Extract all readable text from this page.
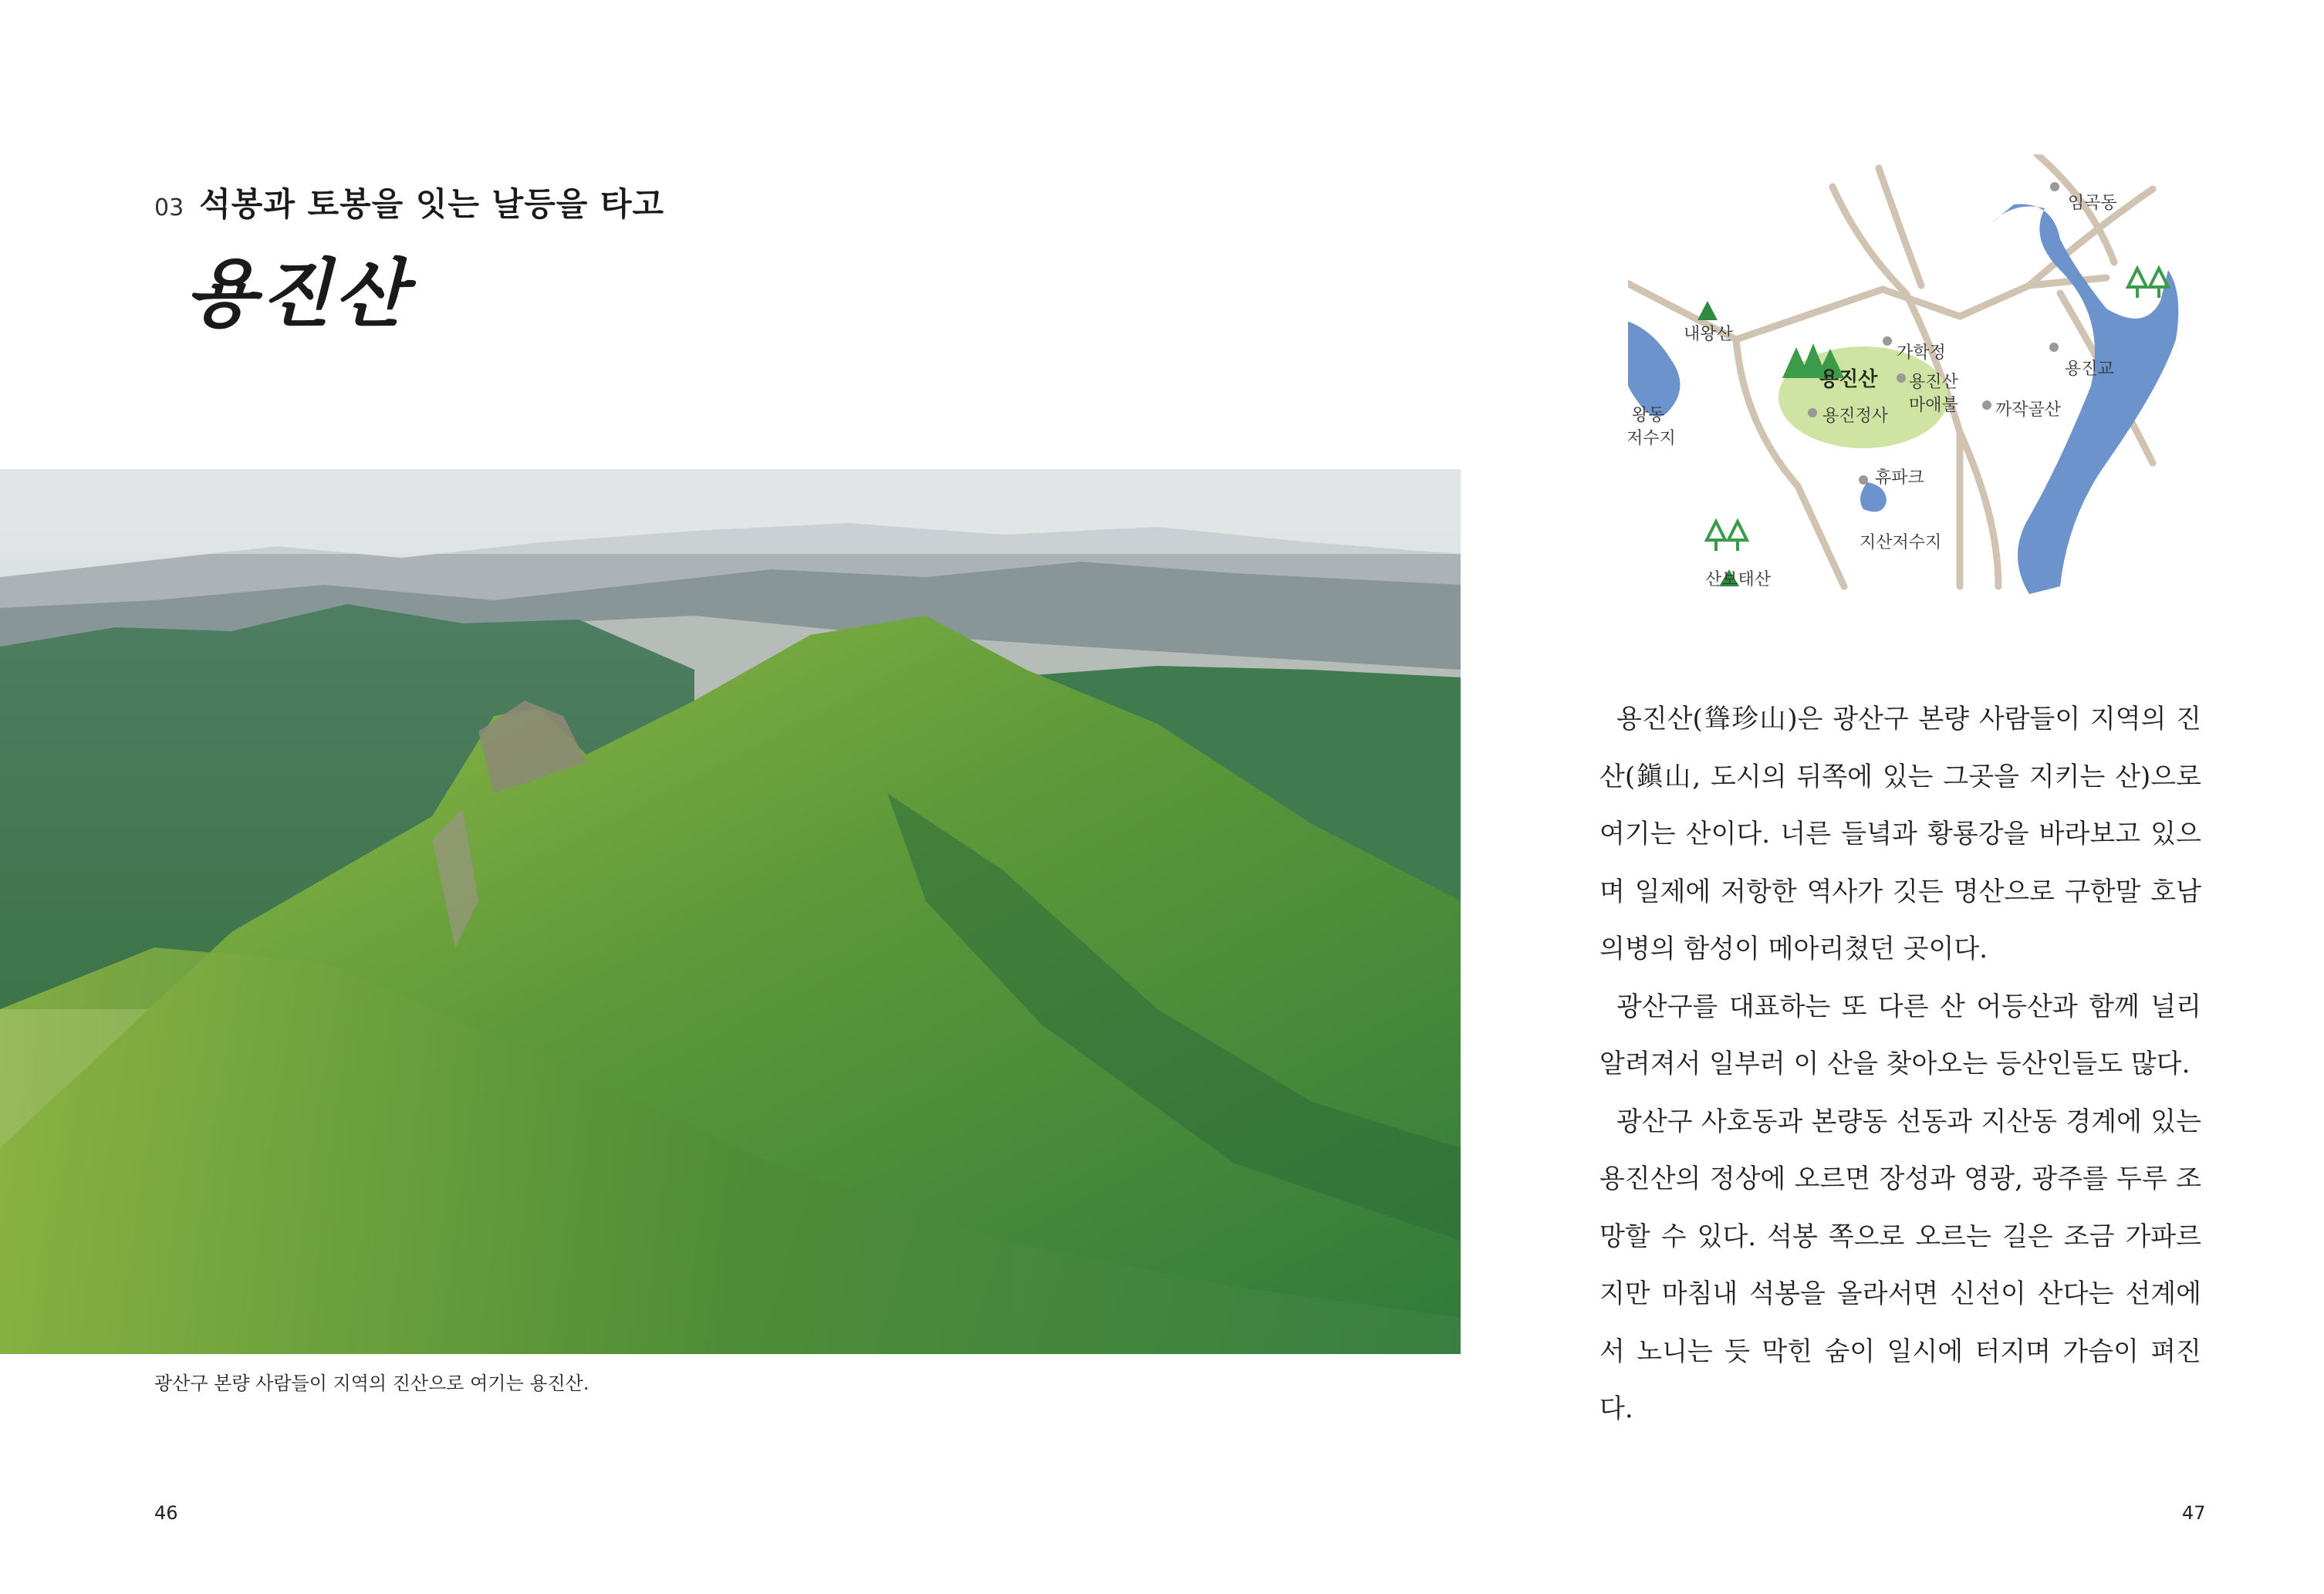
03 석봉과 토봉을 잇는 날등을 타고
용진산
광산구 본량 사람들이 지역의 진산으로 여기는 용진산.
46
임곡동
내왕산
가학정
용진산
마애불
용진교
왕동
저수지
용진정사	까작골산
휴파크
지산저수지
산보태산
용진산

용진산(聳珍山)은 광산구 본량 사람들이 지역의 진산(鎭山, 도시의 뒤쪽에 있는 그곳을 지키는 산)으로 여기는 산이다. 너른 들녘과 황룡강을 바라보고 있으며 일제에 저항한 역사가 깃든 명산으로 구한말 호남 의병의 함성이 메아리쳤던 곳이다.

광산구를 대표하는 또 다른 산 어등산과 함께 널리 알려져서 일부러 이 산을 찾아오는 등산인들도 많다.

광산구 사호동과 본량동 선동과 지산동 경계에 있는 용진산의 정상에 오르면 장성과 영광, 광주를 두루 조망할 수 있다. 석봉 쪽으로 오르는 길은 조금 가파르지만 마침내 석봉을 올라서면 신선이 산다는 선계에서 노니는 듯 막힌 숨이 일시에 터지며 가슴이 펴진다.

47
